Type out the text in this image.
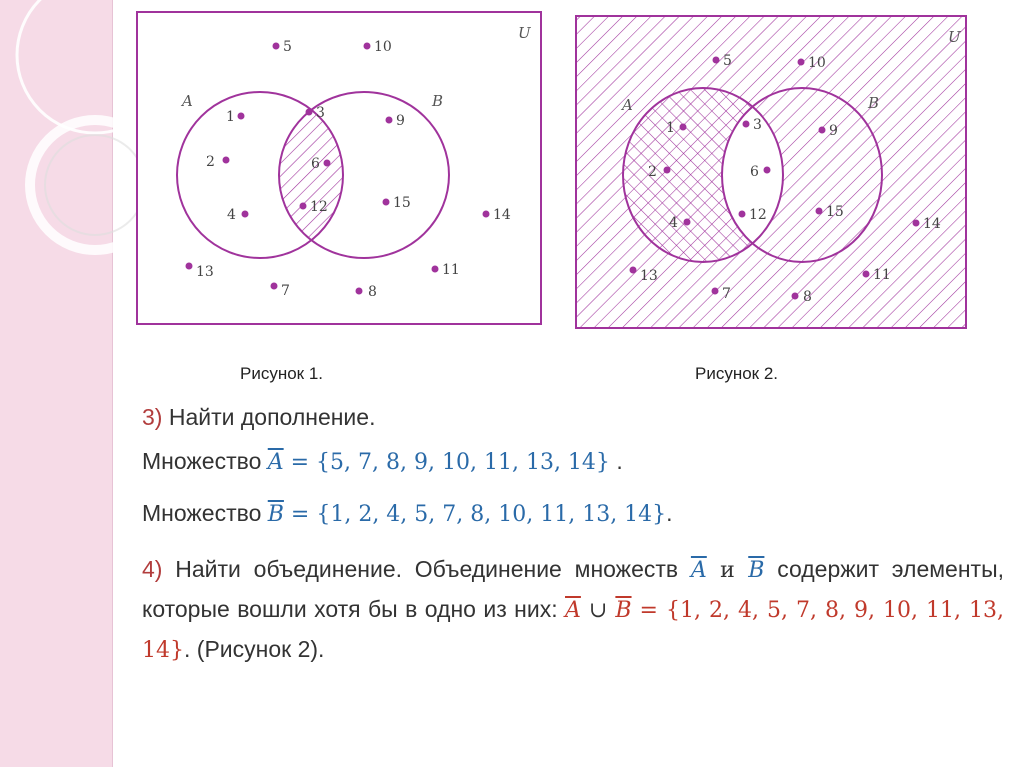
U
A	B
5	10
1	3	9
2	6
4	12	15
14
13	11
7	8
U
A	B
5	10
1	3	9
2	6
4	12	15
14
13	11
7	8
Рисунок 1.	Рисунок 2.
3) Найти дополнение.
Множество $\overline{A} = \{5$, 7, 8, 9, 10, 11, 13, 14} .
Множество $\overline{B} = \{1$, 2, 4, 5, 7, 8, 10, 11, 13, 14}.
4) Найти объединение. Объединение множеств $\overline{A}$ и $\overline{B}$ содержит элементы, которые вошли хотя бы в одно из них: $\overline{A}$ ∪ $\overline{B} = \{1$, 2, 4, 5, 7, 8, 9, 10, 11, 13, 14}. (Рисунок 2).
